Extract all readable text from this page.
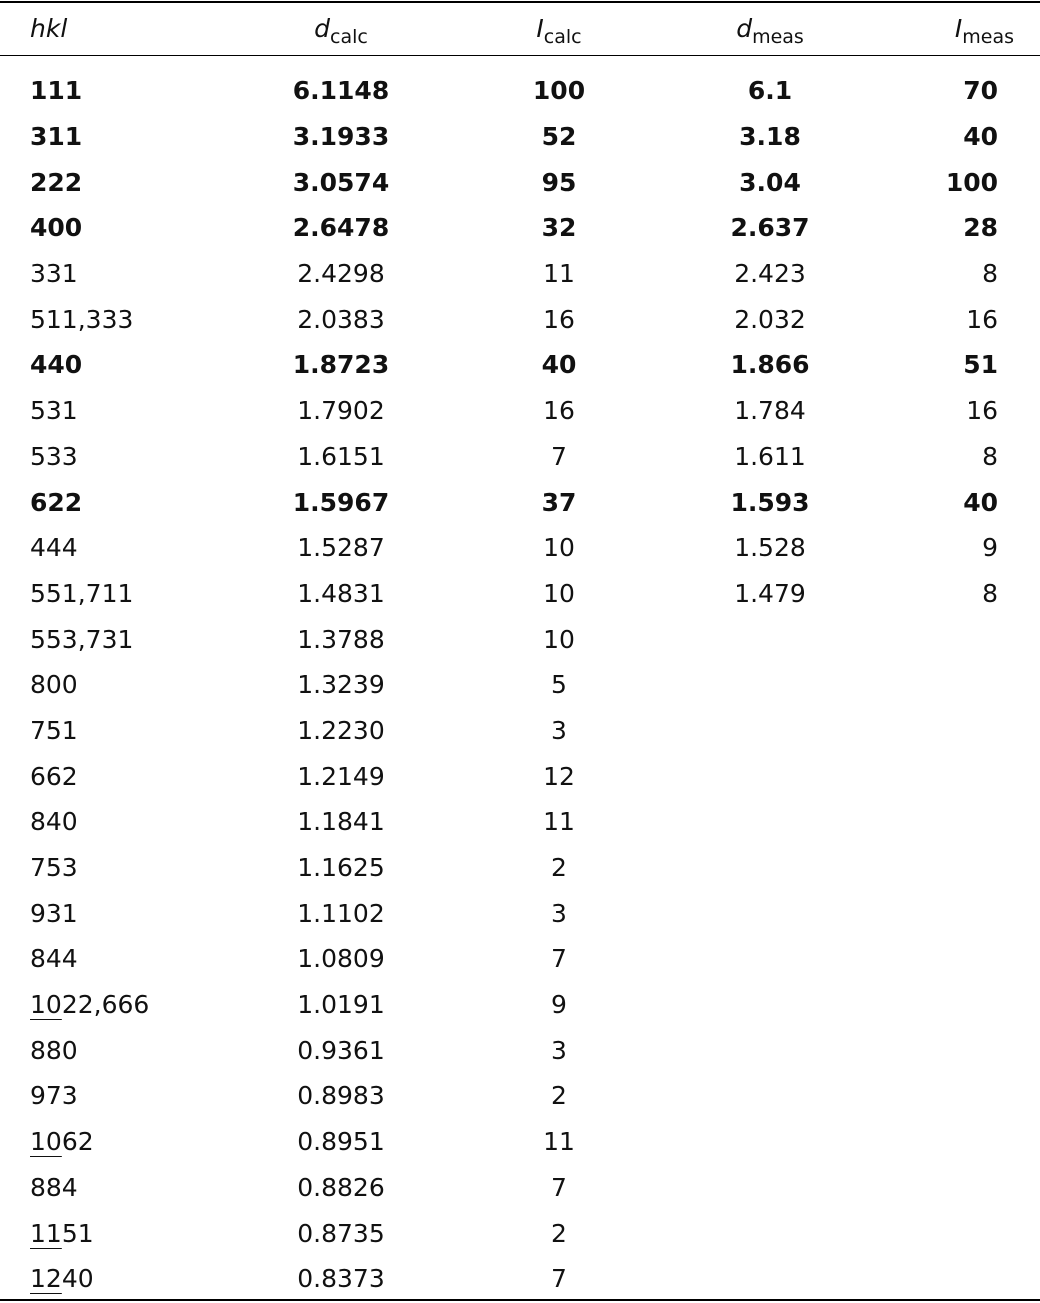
hkl	$d_{calc}$	$I_{calc}$	$d_{meas}$	$I_{meas}$

111	6.1148	100	6.1	70
311	3.1933	52	3.18	40
222	3.0574	95	3.04	100
400	2.6478	32	2.637	28
331	2.4298	11	2.423	8
511,333	2.0383	16	2.032	16
440	1.8723	40	1.866	51
531	1.7902	16	1.784	16
533	1.6151	7	1.611	8
622	1.5967	37	1.593	40
444	1.5287	10	1.528	9
551,711	1.4831	10	1.479	8
553,731	1.3788	10		
800	1.3239	5		
751	1.2230	3		
662	1.2149	12		
840	1.1841	11		
753	1.1625	2		
931	1.1102	3		
844	1.0809	7		
1022,666	1.0191	9		
880	0.9361	3		
973	0.8983	2		
1062	0.8951	11		
884	0.8826	7		
1151	0.8735	2		
1240	0.8373	7		
